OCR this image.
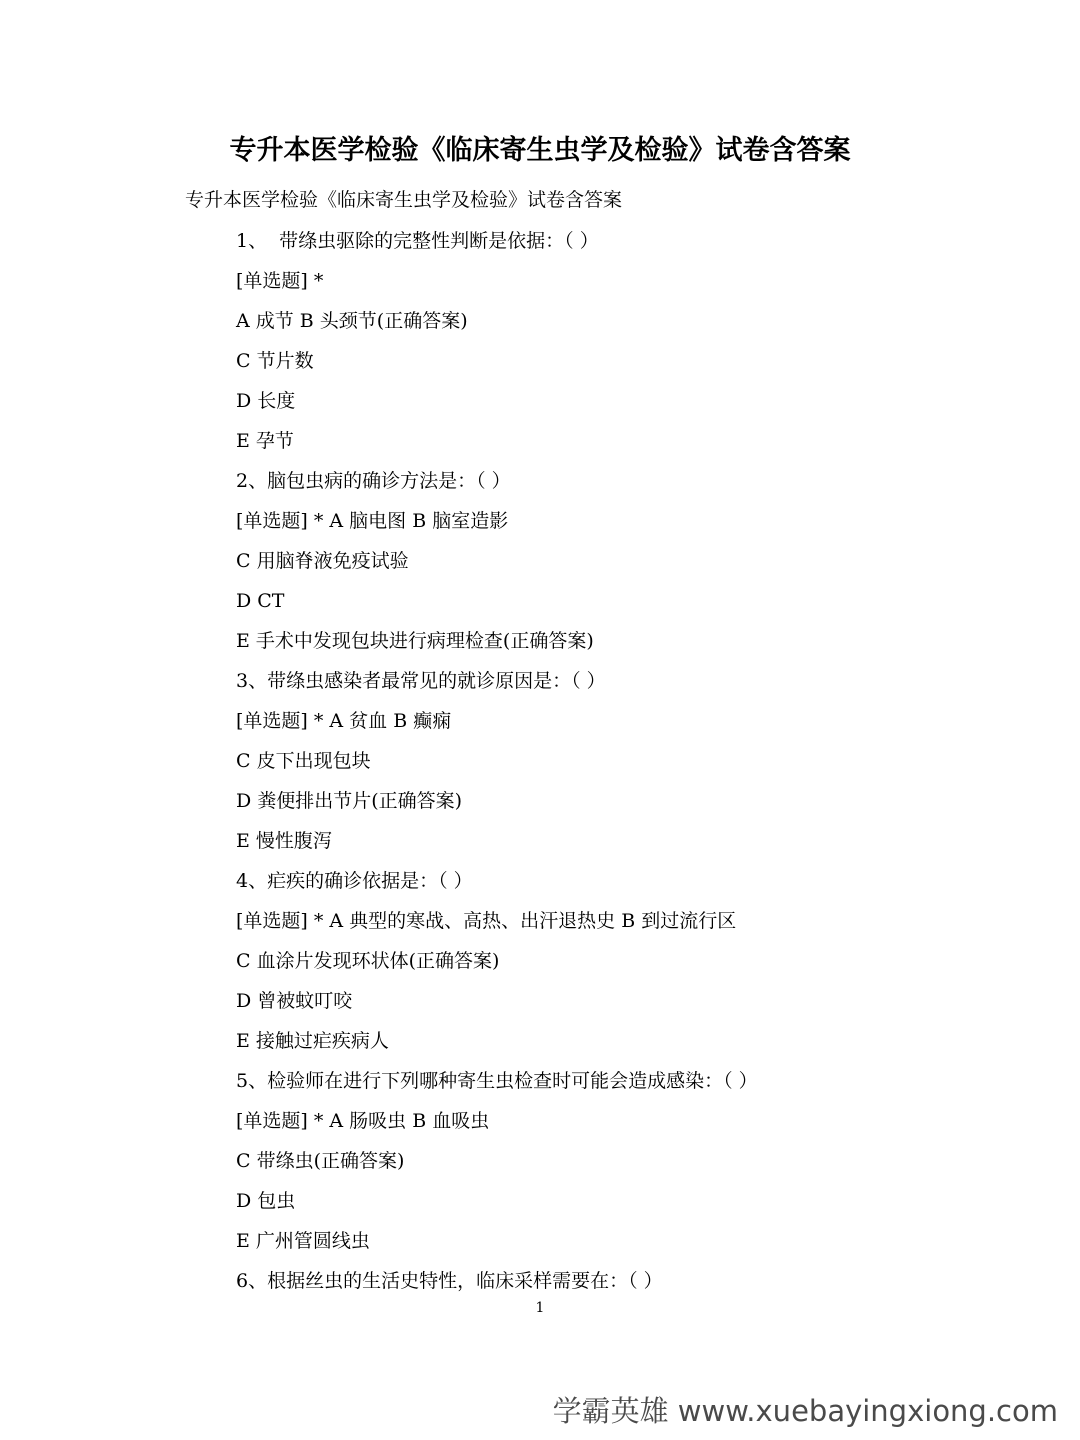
专升本医学检验《临床寄生虫学及检验》试卷含答案
专升本医学检验《临床寄生虫学及检验》试卷含答案
1、  带绦虫驱除的完整性判断是依据：（ ）
[单选题] *
A 成节 B 头颈节(正确答案)
C 节片数
D 长度
E 孕节
2、脑包虫病的确诊方法是：（ ）
[单选题] * A 脑电图 B 脑室造影
C 用脑脊液免疫试验
D CT
E 手术中发现包块进行病理检查(正确答案)
3、带绦虫感染者最常见的就诊原因是：（ ）
[单选题] * A 贫血 B 癫痫
C 皮下出现包块
D 粪便排出节片(正确答案)
E 慢性腹泻
4、疟疾的确诊依据是：（ ）
[单选题] * A 典型的寒战、高热、出汗退热史 B 到过流行区
C 血涂片发现环状体(正确答案)
D 曾被蚊叮咬
E 接触过疟疾病人
5、检验师在进行下列哪种寄生虫检查时可能会造成感染：（ ）
[单选题] * A 肠吸虫 B 血吸虫
C 带绦虫(正确答案)
D 包虫
E 广州管圆线虫
6、根据丝虫的生活史特性，临床采样需要在：（ ）
1
学霸英雄 www.xuebayingxiong.com
